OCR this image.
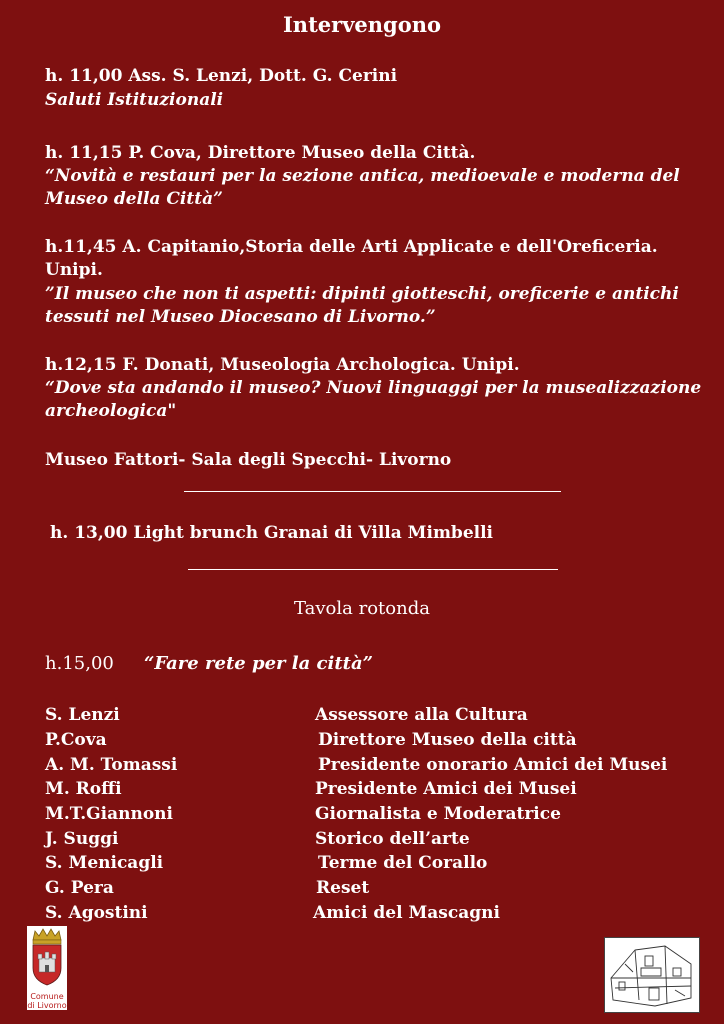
Intervengono
h. 11,00 Ass. S. Lenzi, Dott. G. Cerini
Saluti Istituzionali
h. 11,15 P. Cova, Direttore Museo della Città.
“Novità e restauri per la sezione antica, medioevale e moderna del
Museo della Città”
h.11,45 A. Capitanio,Storia delle Arti Applicate e dell'Oreficeria.
Unipi.
”Il museo che non ti aspetti: dipinti giotteschi, oreficerie e antichi
tessuti nel Museo Diocesano di Livorno.”
h.12,15 F. Donati, Museologia Archologica. Unipi.
“Dove sta andando il museo? Nuovi linguaggi per la musealizzazione
archeologica"
Museo Fattori- Sala degli Specchi- Livorno
h. 13,00 Light brunch Granai di Villa Mimbelli
Tavola rotonda
h.15,00 “Fare rete per la città”
S. Lenzi	Assessore alla Cultura
P.Cova	Direttore Museo della città
A. M. Tomassi	Presidente onorario Amici dei Musei
M. Roffi	Presidente Amici dei Musei
M.T.Giannoni	Giornalista e Moderatrice
J. Suggi	Storico dell’arte
S. Menicagli	Terme del Corallo
G. Pera	Reset
S. Agostini	Amici del Mascagni
Comune
di Livorno
